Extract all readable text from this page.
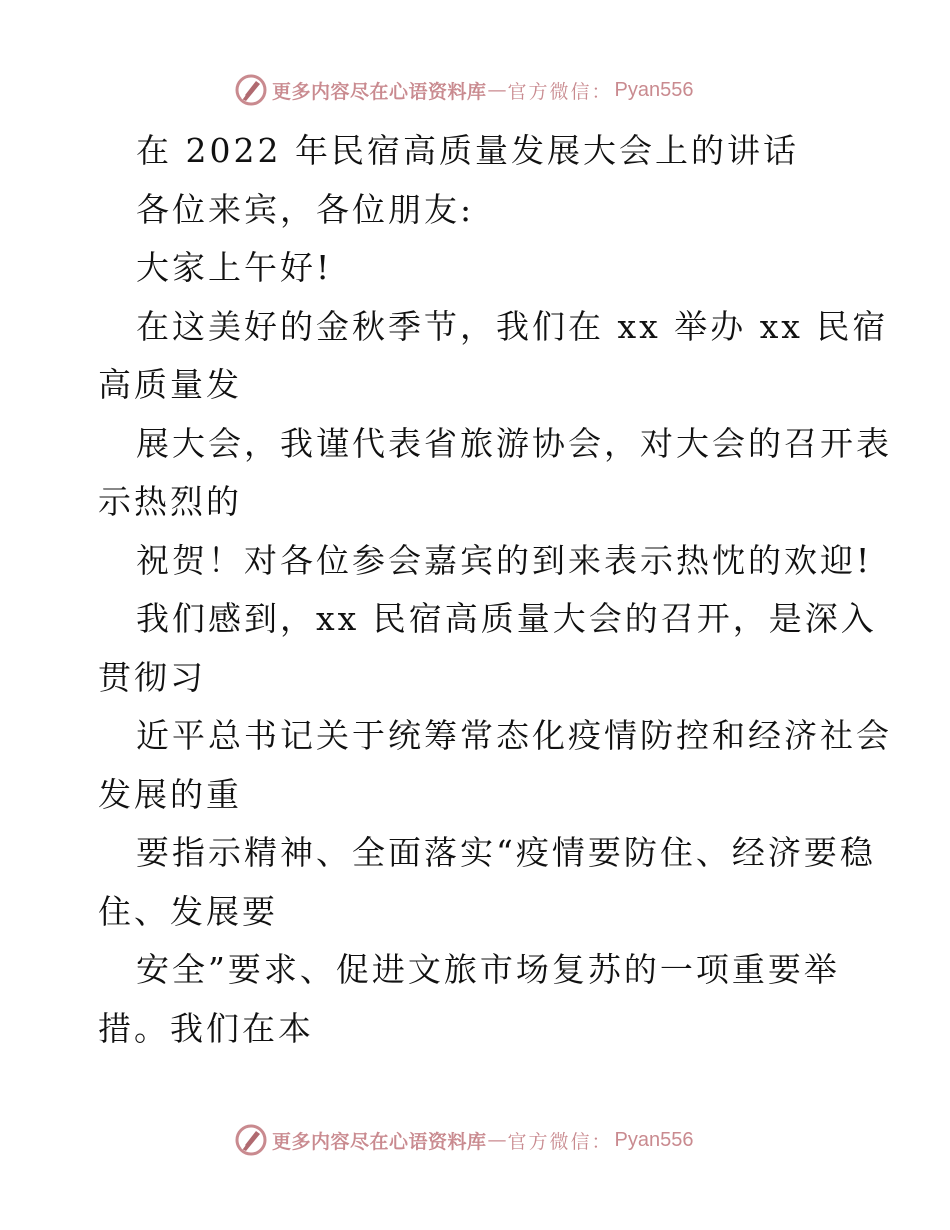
更多内容尽在心语资料库 — 官方微信： Pyan556
在 2022 年民宿高质量发展大会上的讲话
各位来宾，各位朋友:
大家上午好!
在这美好的金秋季节，我们在 xx 举办 xx 民宿
高质量发
展大会，我谨代表省旅游协会，对大会的召开表
示热烈的
祝贺！对各位参会嘉宾的到来表示热忱的欢迎!
我们感到，xx 民宿高质量大会的召开，是深入
贯彻习
近平总书记关于统筹常态化疫情防控和经济社会
发展的重
要指示精神、全面落实“疫情要防住、经济要稳
住、发展要
安全”要求、促进文旅市场复苏的一项重要举
措。我们在本
更多内容尽在心语资料库 — 官方微信： Pyan556
